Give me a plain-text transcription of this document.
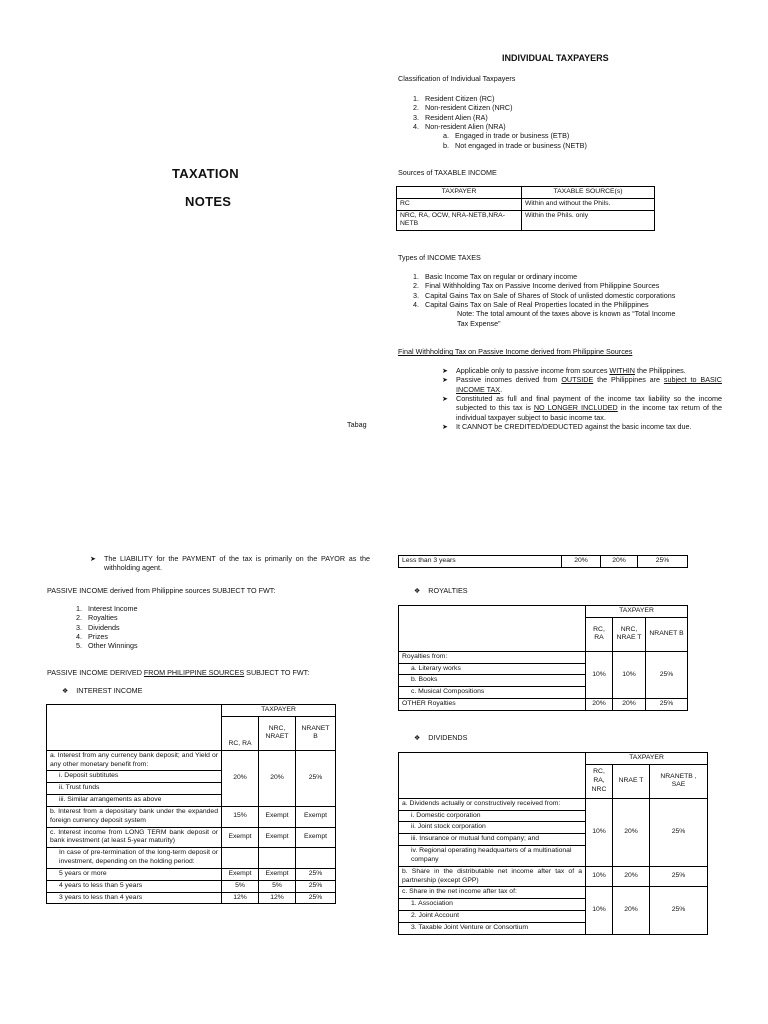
TAXATION
NOTES
Tabag
INDIVIDUAL TAXPAYERS
Classification of Individual Taxpayers
1.   Resident Citizen (RC)
2.   Non-resident Citizen (NRC)
3.   Resident Alien (RA)
4.   Non-resident Alien (NRA)
a.   Engaged in trade or business (ETB)
b.   Not engaged in trade or business (NETB)
Sources of TAXABLE INCOME
TAXPAYER	TAXABLE SOURCE(s)
RC	Within and without the Phils.
NRC, RA, OCW, NRA-NETB,NRA-NETB	Within the Phils. only
Types of INCOME TAXES
1.   Basic Income Tax on regular or ordinary income
2.   Final Withholding Tax on Passive Income derived from Philippine Sources
3.   Capital Gains Tax on Sale of Shares of Stock of unlisted domestic corporations
4.   Capital Gains Tax on Sale of Real Properties located in the Philippines
Note: The total amount of the taxes above is known as “Total Income
Tax Expense”
Final Withholding Tax on Passive Income derived from Philippine Sources
➤	Applicable only to passive income from sources WITHIN the Philippines.
➤	Passive incomes derived from OUTSIDE the Philippines are subject to BASIC INCOME TAX.
➤	Constituted as full and final payment of the income tax liability so the income subjected to this tax is NO LONGER INCLUDED in the income tax return of the individual taxpayer subject to basic income tax.
➤	It CANNOT be CREDITED/DEDUCTED against the basic income tax due.
➤	The LIABILITY for the PAYMENT of the tax is primarily on the PAYOR as the withholding agent.
PASSIVE INCOME derived from Philippine sources SUBJECT TO FWT:
1.   Interest Income
2.   Royalties
3.   Dividends
4.   Prizes
5.   Other Winnings
PASSIVE INCOME DERIVED FROM PHILIPPINE SOURCES SUBJECT TO FWT:
❖ INTEREST INCOME
	TAXPAYER		
	RC, RA	NRC, NRAET	NRANET B
a. Interest from any currency bank deposit; and Yield or any other monetary benefit from:	20%	20%	25%
i. Deposit subtitutes			
ii. Trust funds			
iii. Similar arrangements as above			
b. Interest from a depositary bank under the expanded foreign currency deposit system	15%	Exempt	Exempt
c. Interest income from LONG TERM bank deposit or bank investment (at least 5-year maturity)	Exempt	Exempt	Exempt
In case of pre-termination of the long-term deposit or investment, depending on the holding period:			
5 years or more	Exempt	Exempt	25%
4 years to less than 5 years	5%	5%	25%
3 years to less than 4 years	12%	12%	25%
Less than 3 years	20%	20%	25%
❖ ROYALTIES
	TAXPAYER		
	RC, RA	NRC, NRAE T	NRANET B
Royalties from:	10%	10%	25%
a. Literary works			
b. Books			
c. Musical Compositions			
OTHER Royalties	20%	20%	25%
❖ DIVIDENDS
	TAXPAYER		
	RC, RA, NRC	NRAE T	NRANETB , SAE
a. Dividends actually or constructively received from:	10%	20%	25%
i. Domestic corporation			
ii. Joint stock corporation			
iii. Insurance or mutual fund company; and			
iv. Regional operating headquarters of a multinational company			
b. Share in the distributable net income after tax of a partnership (except GPP)	10%	20%	25%
c. Share in the net income after tax of:	10%	20%	25%
1. Association			
2. Joint Account			
3. Taxable Joint Venture or Consortium			
